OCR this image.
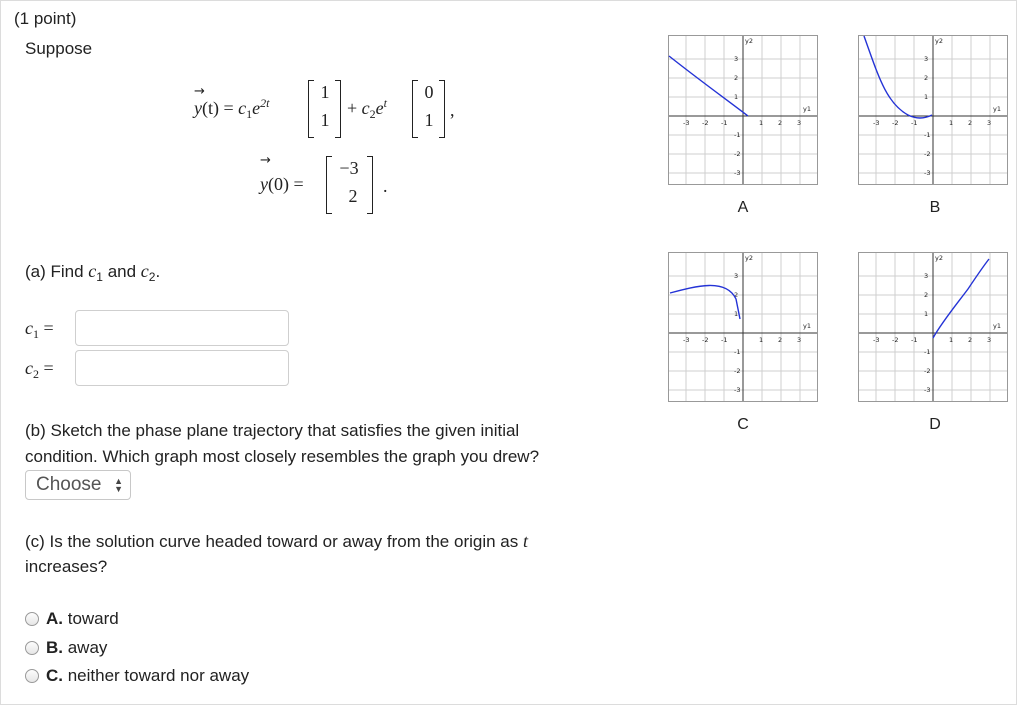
(1 point)
Suppose
→
$y(t) = c_1e^{2t}$
1
1
+ $c_2e^t$
0
1 ,
→
y(0) =
−3
2	.
(a) Find $c_1$ and $c_2$.
$c_1$ =
$c_2$ =
(b) Sketch the phase plane trajectory that satisfies the given initial
condition. Which graph most closely resembles the graph you drew?
Choose ▲
▼
(c) Is the solution curve headed toward or away from the origin as t
increases?
A. toward
B. away
C. neither toward nor away
-3 -2 -1	1 2 3
3
2
1
-1
-2
-3
y1
y2
-3 -2 -1	1 2 3
3
2
1
-1
-2
-3
y1
y2
-3 -2 -1	1 2 3
3
2
1
-1
-2
-3
y1
y2
-3 -2 -1	1 2 3
3
2
1
-1
-2
-3
y1
y2
A	B
C	D
